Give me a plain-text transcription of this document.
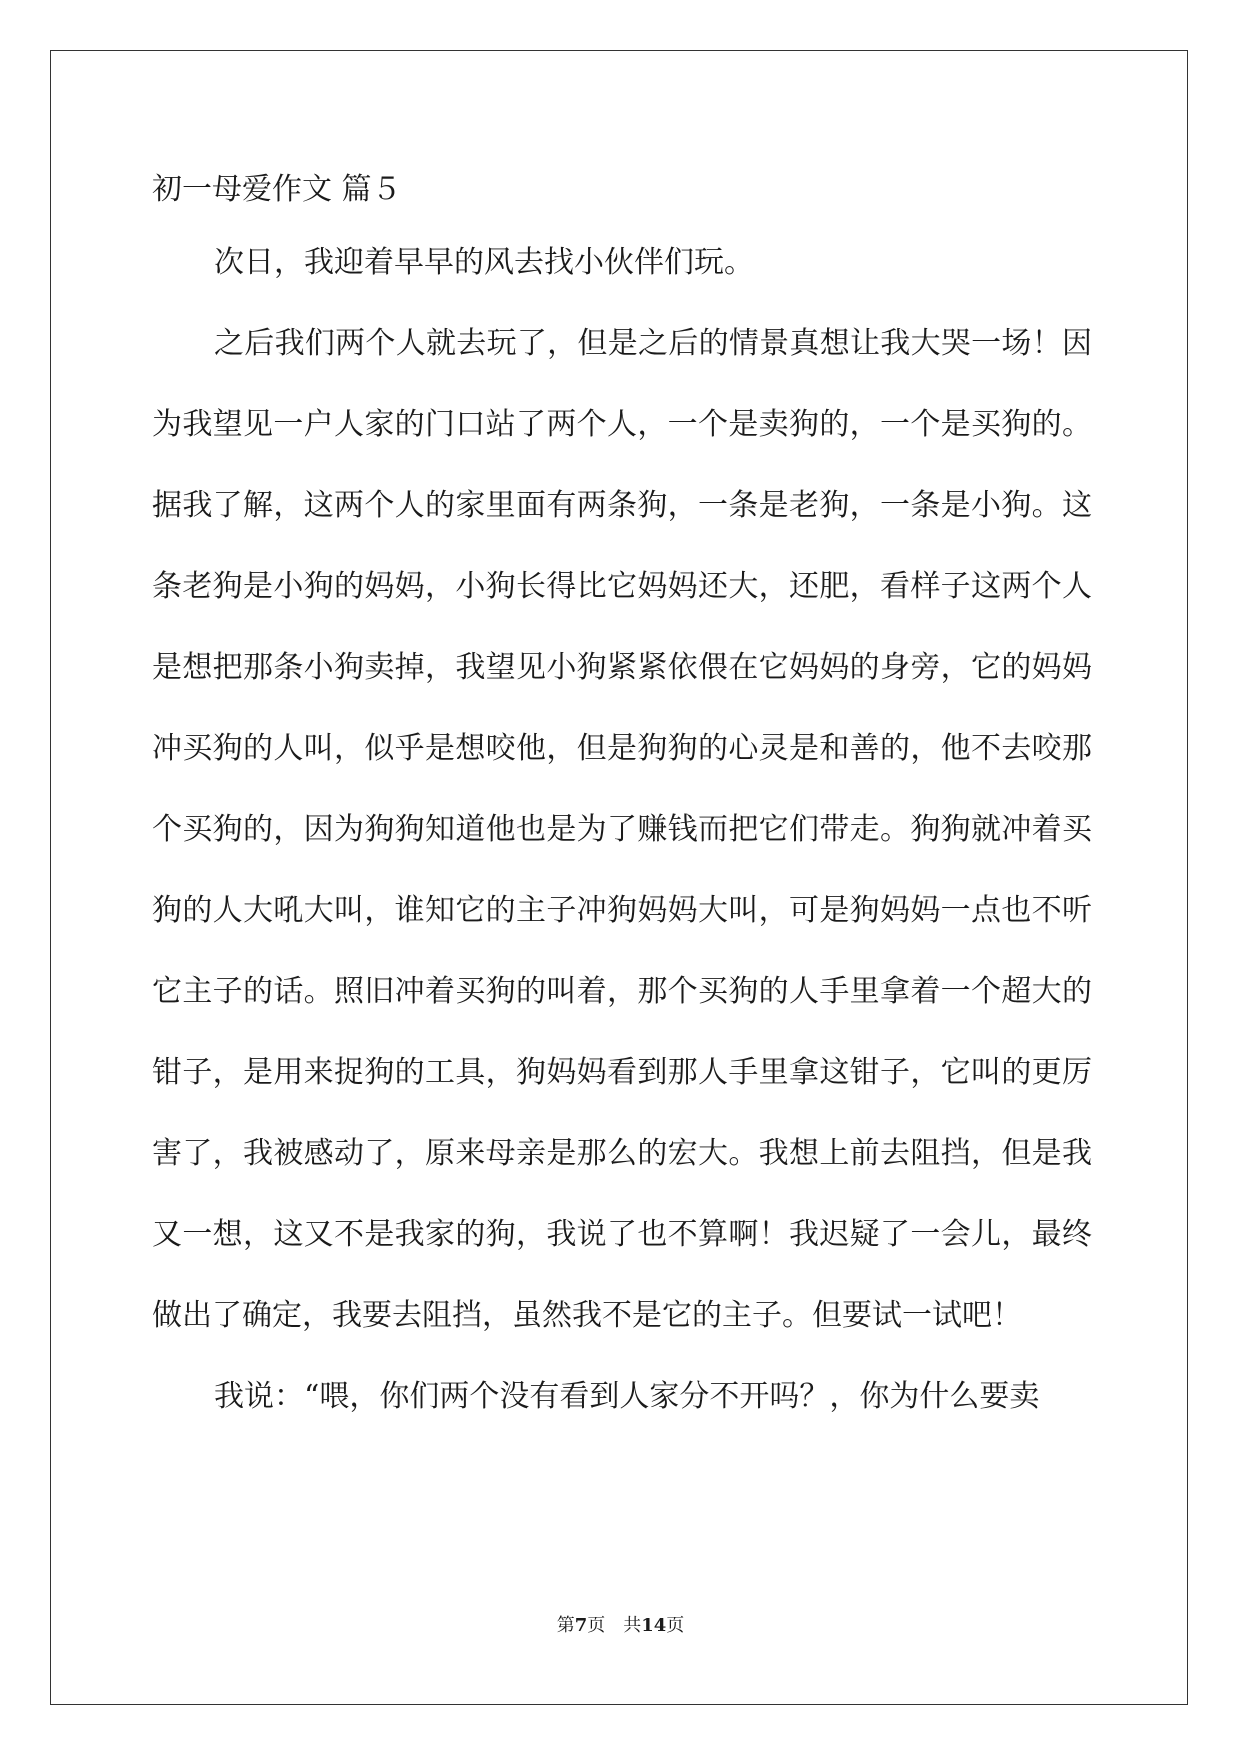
初一母爱作文 篇５

次日，我迎着早早的风去找小伙伴们玩。

之后我们两个人就去玩了，但是之后的情景真想让我大哭一场！因为我望见一户人家的门口站了两个人，一个是卖狗的，一个是买狗的。据我了解，这两个人的家里面有两条狗，一条是老狗，一条是小狗。这条老狗是小狗的妈妈，小狗长得比它妈妈还大，还肥，看样子这两个人是想把那条小狗卖掉，我望见小狗紧紧依偎在它妈妈的身旁，它的妈妈冲买狗的人叫，似乎是想咬他，但是狗狗的心灵是和善的，他不去咬那个买狗的，因为狗狗知道他也是为了赚钱而把它们带走。狗狗就冲着买狗的人大吼大叫，谁知它的主子冲狗妈妈大叫，可是狗妈妈一点也不听它主子的话。照旧冲着买狗的叫着，那个买狗的人手里拿着一个超大的钳子，是用来捉狗的工具，狗妈妈看到那人手里拿这钳子，它叫的更厉害了，我被感动了，原来母亲是那么的宏大。我想上前去阻挡，但是我又一想，这又不是我家的狗，我说了也不算啊！我迟疑了一会儿，最终做出了确定，我要去阻挡，虽然我不是它的主子。但要试一试吧！

我说：“喂，你们两个没有看到人家分不开吗？，你为什么要卖

第7页　共14页
